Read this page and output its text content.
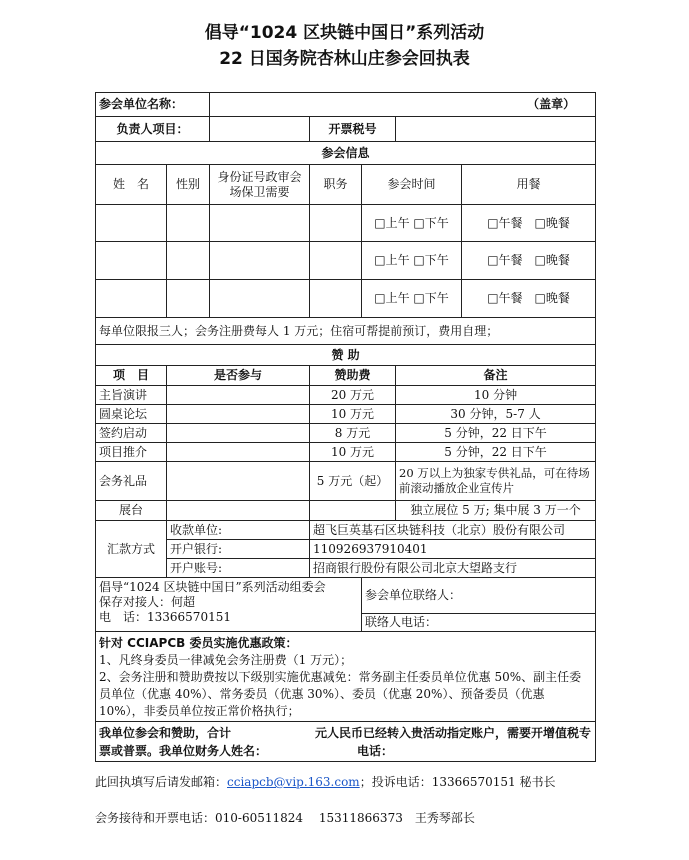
倡导“1024 区块链中国日”系列活动
22 日国务院杏林山庄参会回执表
参会单位名称：		（盖章）				
负责人项目：			开票税号			
参会信息						
姓　名	性别	身份证号政审会场保卫需要	职务	参会时间		用餐
				□上午 □下午		□午餐　□晚餐
				□上午 □下午		□午餐　□晚餐
				□上午 □下午		□午餐　□晚餐
每单位限报三人；会务注册费每人 1 万元；住宿可帮提前预订，费用自理；						
赞 助						
项　目	是否参与		赞助费		备注	
主旨演讲			20 万元		10 分钟	
圆桌论坛			10 万元		30 分钟，5-7 人	
签约启动			8 万元		5 分钟，22 日下午	
项目推介			10 万元		5 分钟，22 日下午	
会务礼品			5 万元（起）		20 万以上为独家专供礼品，可在待场前滚动播放企业宣传片	
展台					独立展位 5 万; 集中展 3 万一个	
汇款方式	收款单位:		超飞巨英基石区块链科技（北京）股份有限公司			
	开户银行:		110926937910401			
	开户账号:		招商银行股份有限公司北京大望路支行			

倡导“1024 区块链中国日”系列活动组委会
保存对接人：何超
电　话：13366570151				参会单位联络人：		
				联络人电话：		

针对 CCIAPCB 委员实施优惠政策：
1、凡终身委员一律减免会务注册费（1 万元）；
2、会务注册和赞助费按以下级别实施优惠减免：常务副主任委员单位优惠 50%、副主任委员单位（优惠 40%）、常务委员（优惠 30%）、委员（优惠 20%）、预备委员（优惠 10%），非委员单位按正常价格执行；						

我单位参会和赞助，合计 元人民币已经转入贵活动指定账户，需要开增值税专票或普票。我单位财务人姓名： 电话：						
此回执填写后请发邮箱：cciapcb@vip.163.com；投诉电话：13366570151 秘书长
会务接待和开票电话：010-60511824　 15311866373　王秀琴部长
